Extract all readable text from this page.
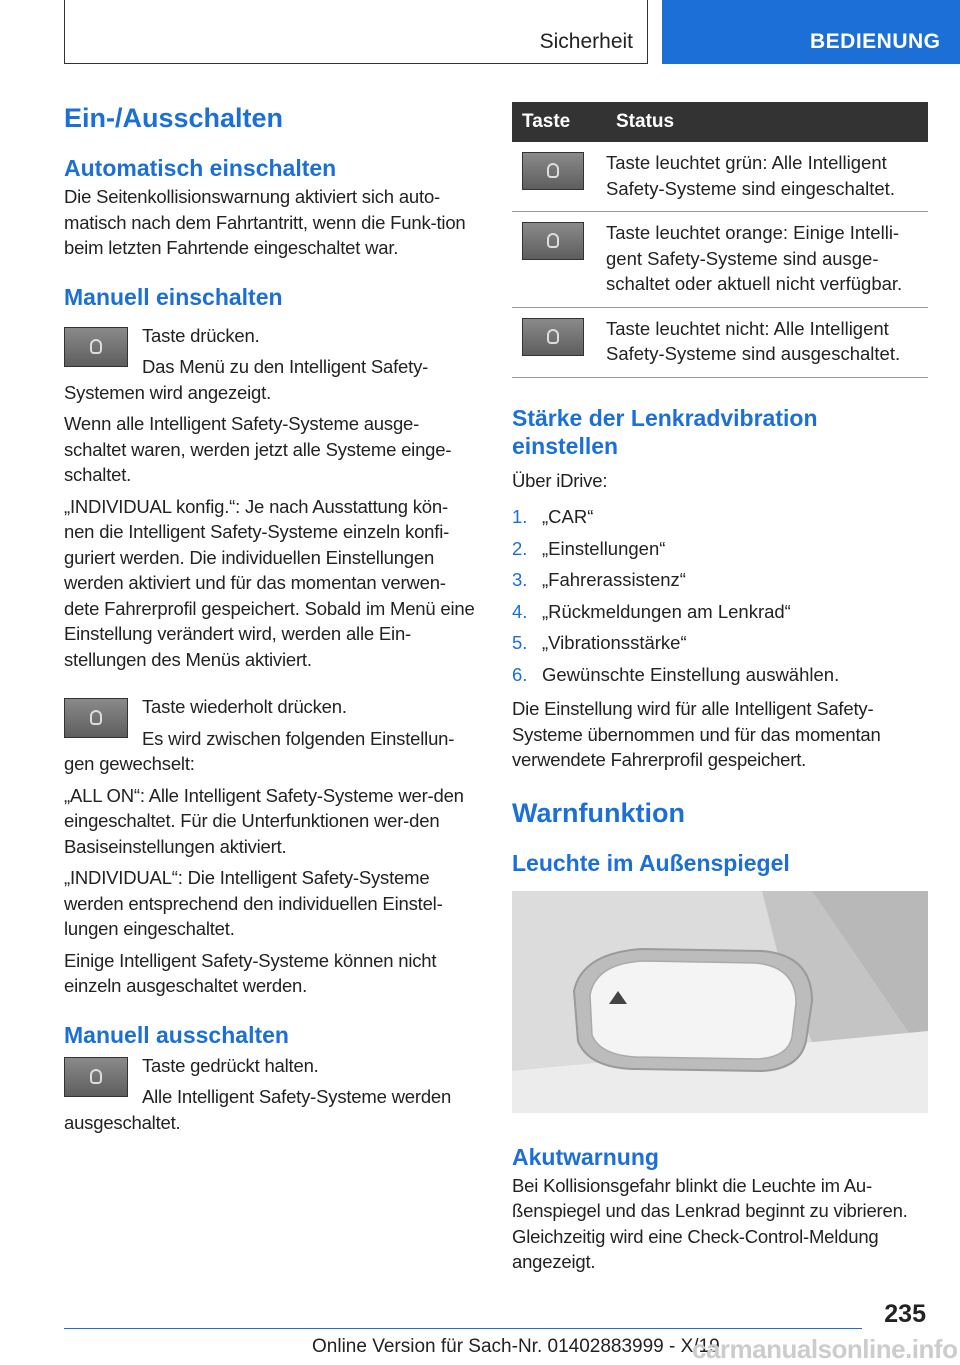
Sicherheit	BEDIENUNG
Ein-/Ausschalten
Automatisch einschalten

Die Seitenkollisionswarnung aktiviert sich auto-matisch nach dem Fahrtantritt, wenn die Funk-tion beim letzten Fahrtende eingeschaltet war.

Manuell einschalten

Taste drücken.

Das Menü zu den Intelligent Safety-Systemen wird angezeigt.

Wenn alle Intelligent Safety-Systeme ausge-schaltet waren, werden jetzt alle Systeme einge-schaltet.

„INDIVIDUAL konfig.“: Je nach Ausstattung kön-nen die Intelligent Safety-Systeme einzeln konfi-guriert werden. Die individuellen Einstellungen werden aktiviert und für das momentan verwen-dete Fahrerprofil gespeichert. Sobald im Menü eine Einstellung verändert wird, werden alle Ein-stellungen des Menüs aktiviert.

Taste wiederholt drücken.

Es wird zwischen folgenden Einstellun-gen gewechselt:

„ALL ON“: Alle Intelligent Safety-Systeme wer-den eingeschaltet. Für die Unterfunktionen wer-den Basiseinstellungen aktiviert.

„INDIVIDUAL“: Die Intelligent Safety-Systeme werden entsprechend den individuellen Einstel-lungen eingeschaltet.

Einige Intelligent Safety-Systeme können nicht einzeln ausgeschaltet werden.

Manuell ausschalten

Taste gedrückt halten.

Alle Intelligent Safety-Systeme werden ausgeschaltet.

Taste	Status

	Taste leuchtet grün: Alle Intelligent Safety-Systeme sind eingeschaltet.

	Taste leuchtet orange: Einige Intelli-gent Safety-Systeme sind ausge-schaltet oder aktuell nicht verfügbar.

	Taste leuchtet nicht: Alle Intelligent Safety-Systeme sind ausgeschaltet.
Stärke der Lenkradvibration einstellen

Über iDrive:

1. „CAR“
2. „Einstellungen“
3. „Fahrerassistenz“
4. „Rückmeldungen am Lenkrad“
5. „Vibrationsstärke“
6. Gewünschte Einstellung auswählen.

Die Einstellung wird für alle Intelligent Safety-Systeme übernommen und für das momentan verwendete Fahrerprofil gespeichert.

Warnfunktion
Leuchte im Außenspiegel
Akutwarnung

Bei Kollisionsgefahr blinkt die Leuchte im Au-ßenspiegel und das Lenkrad beginnt zu vibrieren. Gleichzeitig wird eine Check-Control-Meldung angezeigt.

235
Online Version für Sach-Nr. 01402883999 - X/19
carmanualsonline.info
